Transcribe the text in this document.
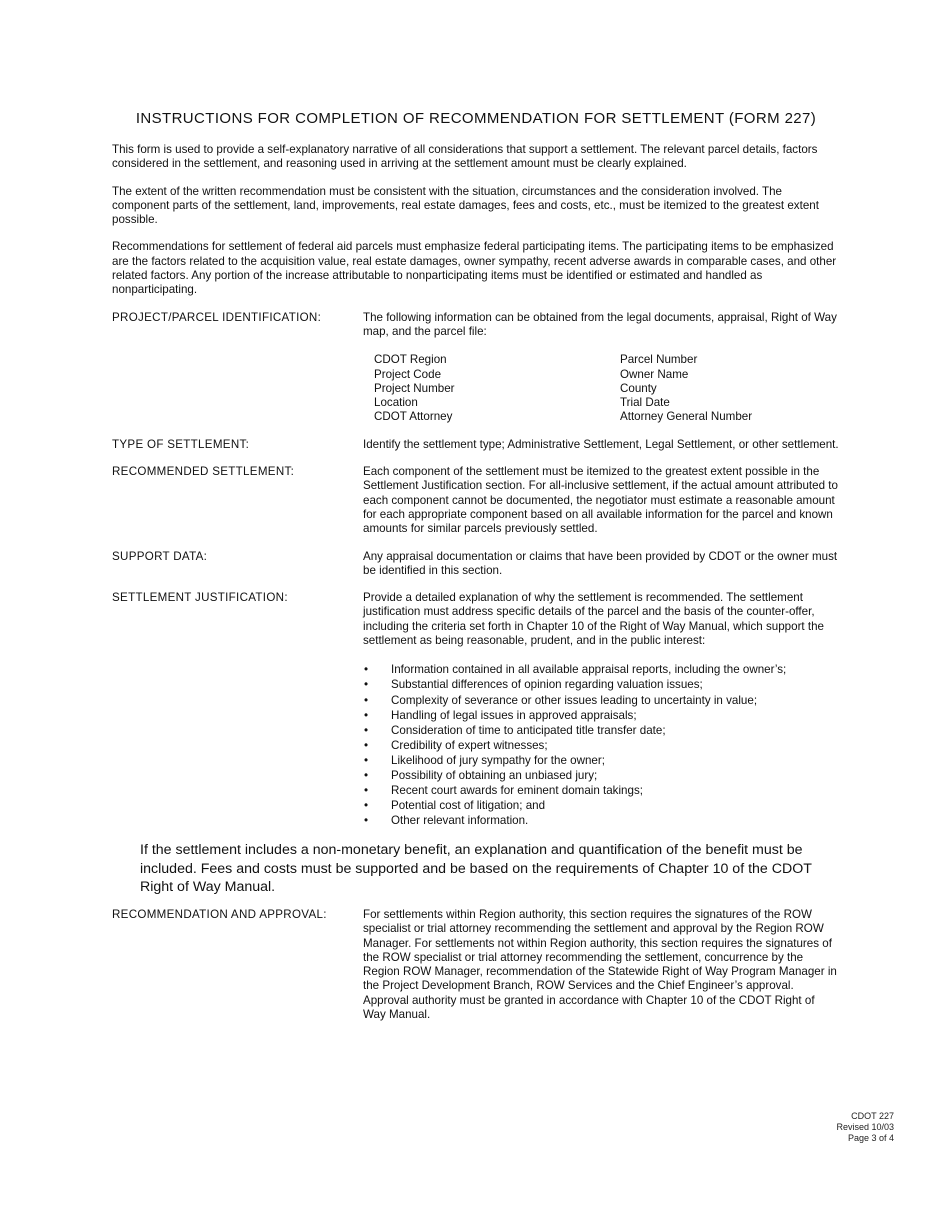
INSTRUCTIONS FOR COMPLETION OF RECOMMENDATION FOR SETTLEMENT (FORM 227)

This form is used to provide a self-explanatory narrative of all considerations that support a settlement. The relevant parcel details, factors considered in the settlement, and reasoning used in arriving at the settlement amount must be clearly explained.

The extent of the written recommendation must be consistent with the situation, circumstances and the consideration involved. The component parts of the settlement, land, improvements, real estate damages, fees and costs, etc., must be itemized to the greatest extent possible.

Recommendations for settlement of federal aid parcels must emphasize federal participating items. The participating items to be emphasized are the factors related to the acquisition value, real estate damages, owner sympathy, recent adverse awards in comparable cases, and other related factors. Any portion of the increase attributable to nonparticipating items must be identified or estimated and handled as nonparticipating.

PROJECT/PARCEL IDENTIFICATION:	The following information can be obtained from the legal documents, appraisal, Right of Way map, and the parcel file:

CDOT Region	Parcel Number
Project Code	Owner Name
Project Number	County
Location	Trial Date
CDOT Attorney	Attorney General Number
TYPE OF SETTLEMENT:	Identify the settlement type; Administrative Settlement, Legal Settlement, or other settlement.

RECOMMENDED SETTLEMENT:	Each component of the settlement must be itemized to the greatest extent possible in the Settlement Justification section. For all-inclusive settlement, if the actual amount attributed to each component cannot be documented, the negotiator must estimate a reasonable amount for each appropriate component based on all available information for the parcel and known amounts for similar parcels previously settled.

SUPPORT DATA:	Any appraisal documentation or claims that have been provided by CDOT or the owner must be identified in this section.

SETTLEMENT JUSTIFICATION:	Provide a detailed explanation of why the settlement is recommended. The settlement justification must address specific details of the parcel and the basis of the counter-offer, including the criteria set forth in Chapter 10 of the Right of Way Manual, which support the settlement as being reasonable, prudent, and in the public interest:

• Information contained in all available appraisal reports, including the owner’s;
• Substantial differences of opinion regarding valuation issues;
• Complexity of severance or other issues leading to uncertainty in value;
• Handling of legal issues in approved appraisals;
• Consideration of time to anticipated title transfer date;
• Credibility of expert witnesses;
• Likelihood of jury sympathy for the owner;
• Possibility of obtaining an unbiased jury;
• Recent court awards for eminent domain takings;
• Potential cost of litigation; and
• Other relevant information.

If the settlement includes a non-monetary benefit, an explanation and quantification of the benefit must be included. Fees and costs must be supported and be based on the requirements of Chapter 10 of the CDOT Right of Way Manual.

RECOMMENDATION AND APPROVAL:	For settlements within Region authority, this section requires the signatures of the ROW specialist or trial attorney recommending the settlement and approval by the Region ROW Manager. For settlements not within Region authority, this section requires the signatures of the ROW specialist or trial attorney recommending the settlement, concurrence by the Region ROW Manager, recommendation of the Statewide Right of Way Program Manager in the Project Development Branch, ROW Services and the Chief Engineer’s approval. Approval authority must be granted in accordance with Chapter 10 of the CDOT Right of Way Manual.

CDOT 227
Revised 10/03
Page 3 of 4
